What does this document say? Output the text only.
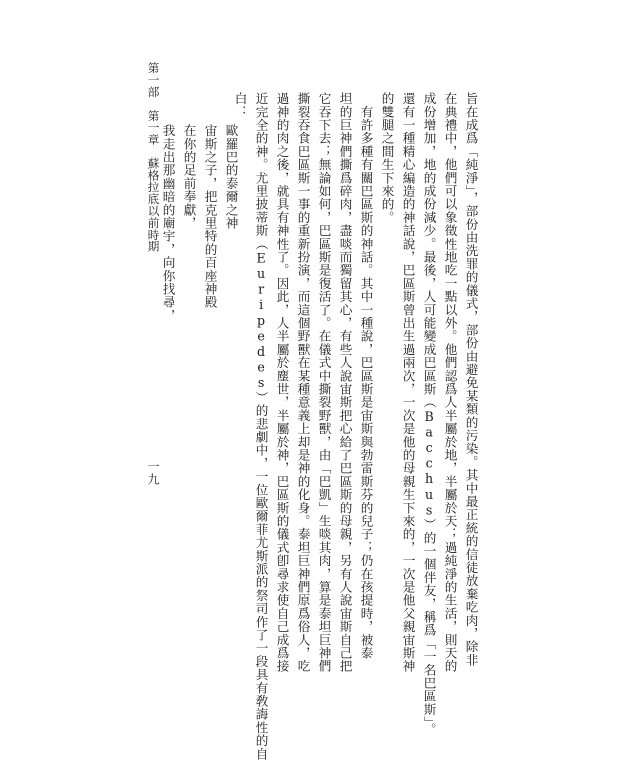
一九
第一部　第一章　蘇格拉底以前時期	歐羅巴的泰爾之神
宙斯之子，把克里特的百座神殿
在你的足前奉獻，
我走出那幽暗的廟宇，向你找尋，	旨在成爲「純淨」，部份由洗罪的儀式，部份由避免某類的污染。其中最正統的信徒放棄吃肉，除非
在典禮中，他們可以象徵性地吃一點以外。他們認爲人半屬於地，半屬於天；過純淨的生活，則天的
成份增加，地的成份減少。最後，人可能變成巴區斯（Bacchus）的一個伴友，稱爲「一名巴區斯」。
還有一種精心編造的神話說，巴區斯曾出生過兩次，一次是他的母親生下來的，一次是他父親宙斯神
的雙腿之間生下來的。
　有許多種有關巴區斯的神話。其中一種說，巴區斯是宙斯與勃雷斯芬的兒子；仍在孩提時，被泰
坦的巨神們撕爲碎肉，盡啖而獨留其心，有些人說宙斯把心給了巴區斯的母親，另有人說宙斯自己把
它吞下去；無論如何，巴區斯是復活了。在儀式中撕裂野獸，由「巴凱」生啖其肉，算是泰坦巨神們
撕裂吞食巴區斯一事的重新扮演，而這個野獸在某種意義上却是神的化身。泰坦巨神們原爲俗人，吃
過神的肉之後，就具有神性了。因此，人半屬於塵世，半屬於神，巴區斯的儀式卽尋求使自己成爲接
近完全的神。尤里披蒂斯（Euripedes）的悲劇中，一位歐爾菲尤斯派的祭司作了一段具有敎誨性的自
白：
